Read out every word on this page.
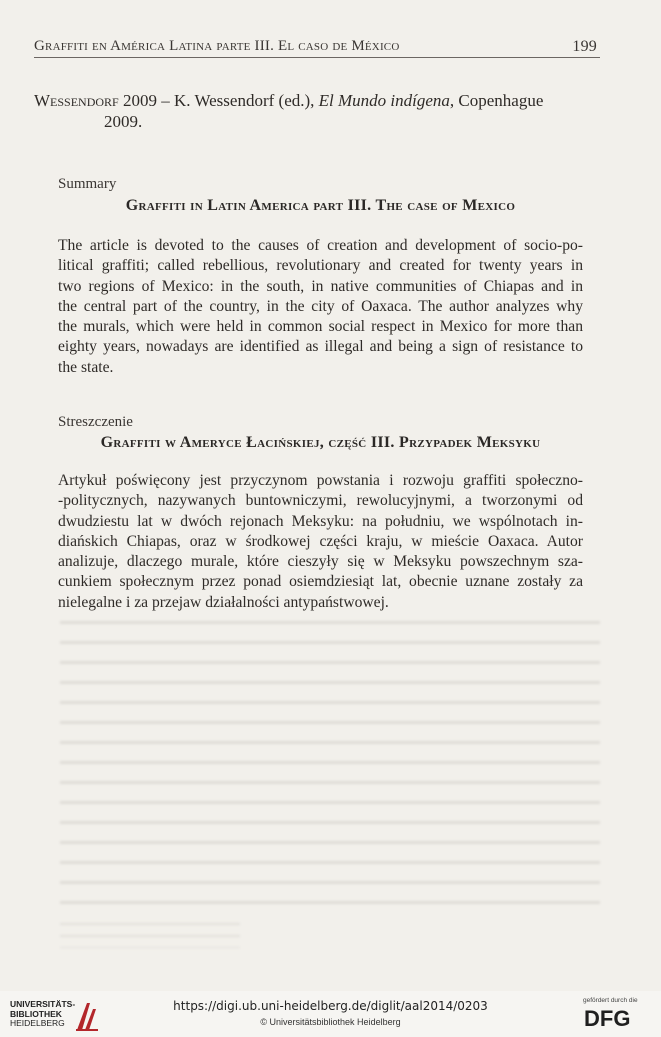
Graffiti en América Latina parte III. El caso de México	199
Wessendorf 2009 – K. Wessendorf (ed.), El Mundo indígena, Copenhague
2009.
Summary
Graffiti in Latin America part III. The case of Mexico
The article is devoted to the causes of creation and development of socio-po-
litical graffiti; called rebellious, revolutionary and created for twenty years in
two regions of Mexico: in the south, in native communities of Chiapas and in
the central part of the country, in the city of Oaxaca. The author analyzes why
the murals, which were held in common social respect in Mexico for more than
eighty years, nowadays are identified as illegal and being a sign of resistance to
the state.
Streszczenie
Graffiti w Ameryce Łacińskiej, część III. Przypadek Meksyku
Artykuł poświęcony jest przyczynom powstania i rozwoju graffiti społeczno-
-politycznych, nazywanych buntowniczymi, rewolucyjnymi, a tworzonymi od
dwudziestu lat w dwóch rejonach Meksyku: na południu, we wspólnotach in-
diańskich Chiapas, oraz w środkowej części kraju, w mieście Oaxaca. Autor
analizuje, dlaczego murale, które cieszyły się w Meksyku powszechnym sza-
cunkiem społecznym przez ponad osiemdziesiąt lat, obecnie uznane zostały za
nielegalne i za przejaw działalności antypaństwowej.
UNIVERSITÄTS-
BIBLIOTHEK
HEIDELBERG
https://digi.ub.uni-heidelberg.de/diglit/aal2014/0203
© Universitätsbibliothek Heidelberg
gefördert durch die
DFG
